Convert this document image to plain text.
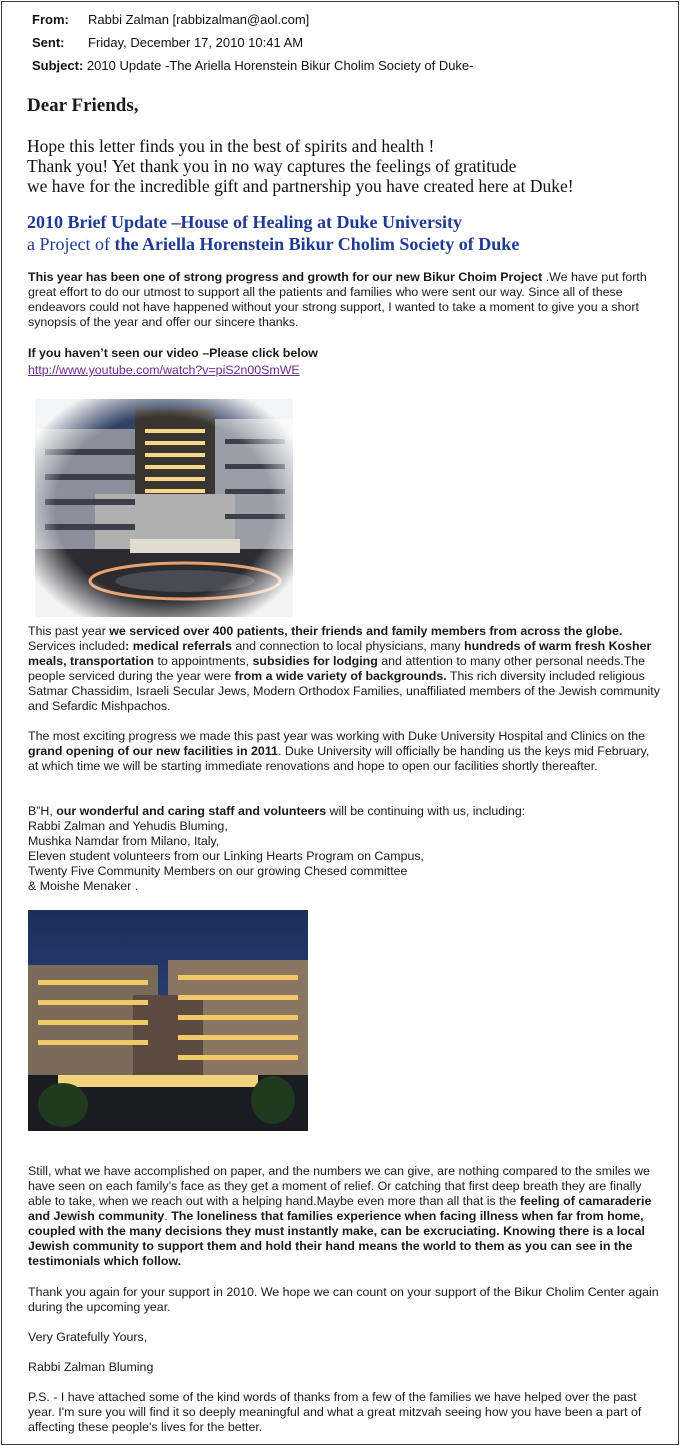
From: Rabbi Zalman [rabbizalman@aol.com]
Sent: Friday, December 17, 2010 10:41 AM
Subject: 2010 Update -The Ariella Horenstein Bikur Cholim Society of Duke-
Dear Friends,
Hope this letter finds you in the best of spirits and health !
Thank you! Yet thank you in no way captures the feelings of gratitude
we have for the incredible gift and partnership you have created here at Duke!
2010 Brief Update –House of Healing at Duke University
a Project of the Ariella Horenstein Bikur Cholim Society of Duke

This year has been one of strong progress and growth for our new Bikur Choim Project .We have put forth great effort to do our utmost to support all the patients and families who were sent our way. Since all of these endeavors could not have happened without your strong support, I wanted to take a moment to give you a short synopsis of the year and offer our sincere thanks.

If you haven’t seen our video –Please click below
http://www.youtube.com/watch?v=piS2n00SmWE

This past year we serviced over 400 patients, their friends and family members from across the globe. Services included: medical referrals and connection to local physicians, many hundreds of warm fresh Kosher meals, transportation to appointments, subsidies for lodging and attention to many other personal needs.The people serviced during the year were from a wide variety of backgrounds. This rich diversity included religious Satmar Chassidim, Israeli Secular Jews, Modern Orthodox Families, unaffiliated members of the Jewish community and Sefardic Mishpachos.

The most exciting progress we made this past year was working with Duke University Hospital and Clinics on the grand opening of our new facilities in 2011. Duke University will officially be handing us the keys mid February, at which time we will be starting immediate renovations and hope to open our facilities shortly thereafter.

B”H, our wonderful and caring staff and volunteers will be continuing with us, including:
Rabbi Zalman and Yehudis Bluming,
Mushka Namdar from Milano, Italy,
Eleven student volunteers from our Linking Hearts Program on Campus,
Twenty Five Community Members on our growing Chesed committee
& Moishe Menaker .

Still, what we have accomplished on paper, and the numbers we can give, are nothing compared to the smiles we have seen on each family’s face as they get a moment of relief. Or catching that first deep breath they are finally able to take, when we reach out with a helping hand.Maybe even more than all that is the feeling of camaraderie and Jewish community. The loneliness that families experience when facing illness when far from home, coupled with the many decisions they must instantly make, can be excruciating. Knowing there is a local Jewish community to support them and hold their hand means the world to them as you can see in the testimonials which follow.

Thank you again for your support in 2010. We hope we can count on your support of the Bikur Cholim Center again during the upcoming year.

Very Gratefully Yours,
Rabbi Zalman Bluming

P.S. - I have attached some of the kind words of thanks from a few of the families we have helped over the past year. I'm sure you will find it so deeply meaningful and what a great mitzvah seeing how you have been a part of affecting these people's lives for the better.
